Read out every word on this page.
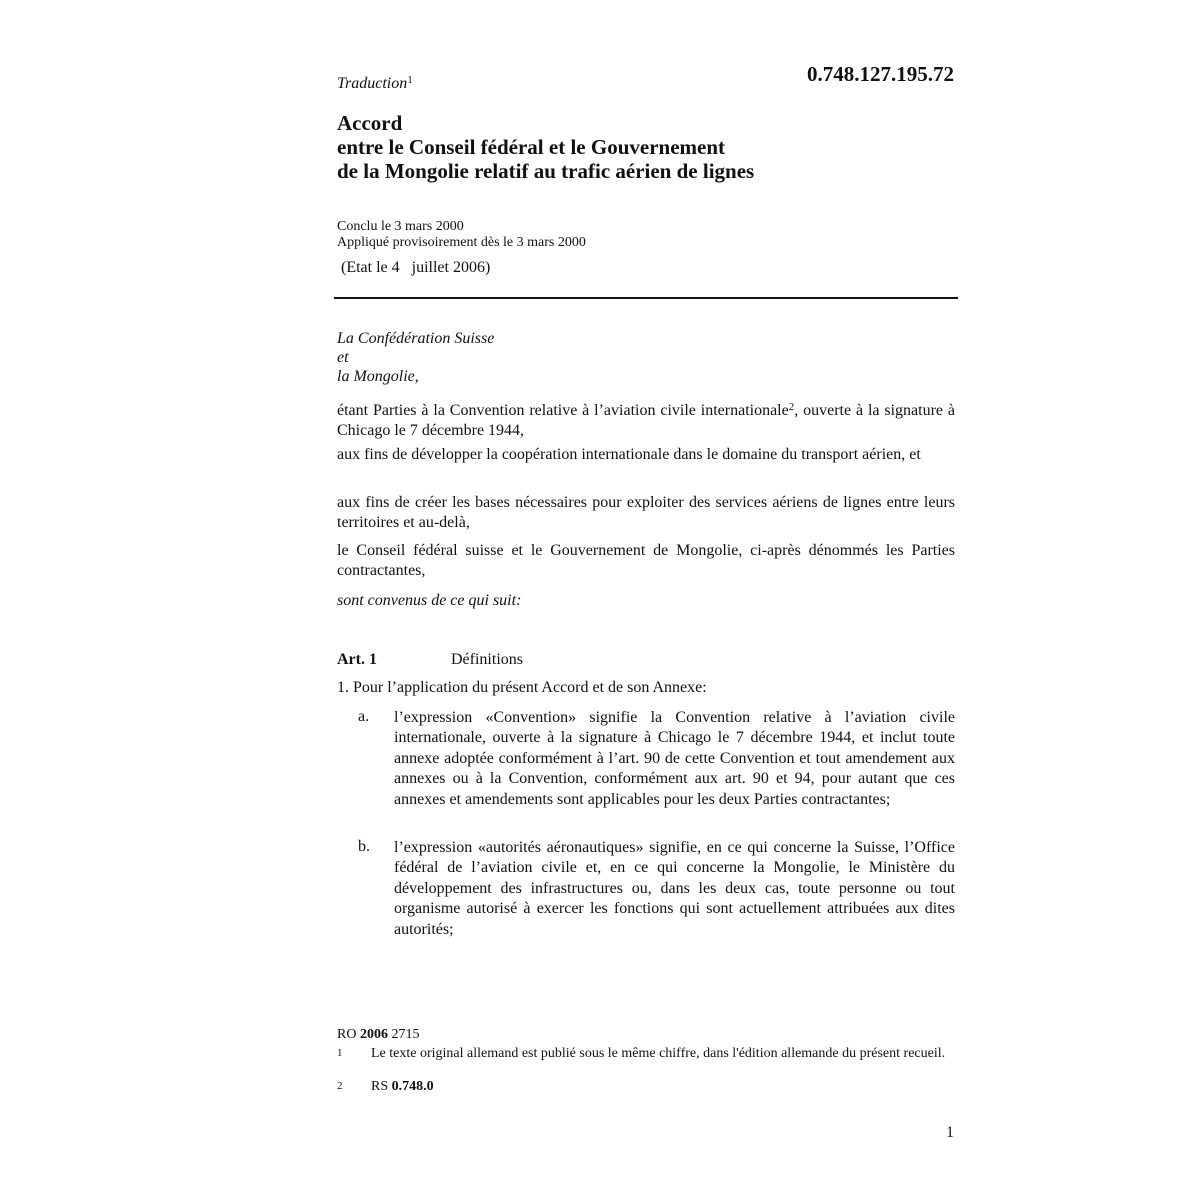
Traduction$^1$	0.748.127.195.72
Accord
entre le Conseil fédéral et le Gouvernement
de la Mongolie relatif au trafic aérien de lignes
Conclu le 3 mars 2000
Appliqué provisoirement dès le 3 mars 2000
(Etat le 4   juillet 2006)
La Confédération Suisse
et
la Mongolie,
étant Parties à la Convention relative à l’aviation civile internationale$^2$, ouverte à la signature à Chicago le 7 décembre 1944,
aux fins de développer la coopération internationale dans le domaine du transport aérien, et
aux fins de créer les bases nécessaires pour exploiter des services aériens de lignes entre leurs territoires et au-delà,
le Conseil fédéral suisse et le Gouvernement de Mongolie, ci-après dénommés les Parties contractantes,
sont convenus de ce qui suit:
Art. 1	Définitions
1. Pour l’application du présent Accord et de son Annexe:
a. l’expression «Convention» signifie la Convention relative à l’aviation civile internationale, ouverte à la signature à Chicago le 7 décembre 1944, et inclut toute annexe adoptée conformément à l’art. 90 de cette Convention et tout amendement aux annexes ou à la Convention, conformément aux art. 90 et 94, pour autant que ces annexes et amendements sont applicables pour les deux Parties contractantes;
b. l’expression «autorités aéronautiques» signifie, en ce qui concerne la Suisse, l’Office fédéral de l’aviation civile et, en ce qui concerne la Mongolie, le Ministère du développement des infrastructures ou, dans les deux cas, toute personne ou tout organisme autorisé à exercer les fonctions qui sont actuellement attribuées aux dites autorités;
RO 2006 2715
1 Le texte original allemand est publié sous le même chiffre, dans l'édition allemande du présent recueil.
2 RS 0.748.0
1
